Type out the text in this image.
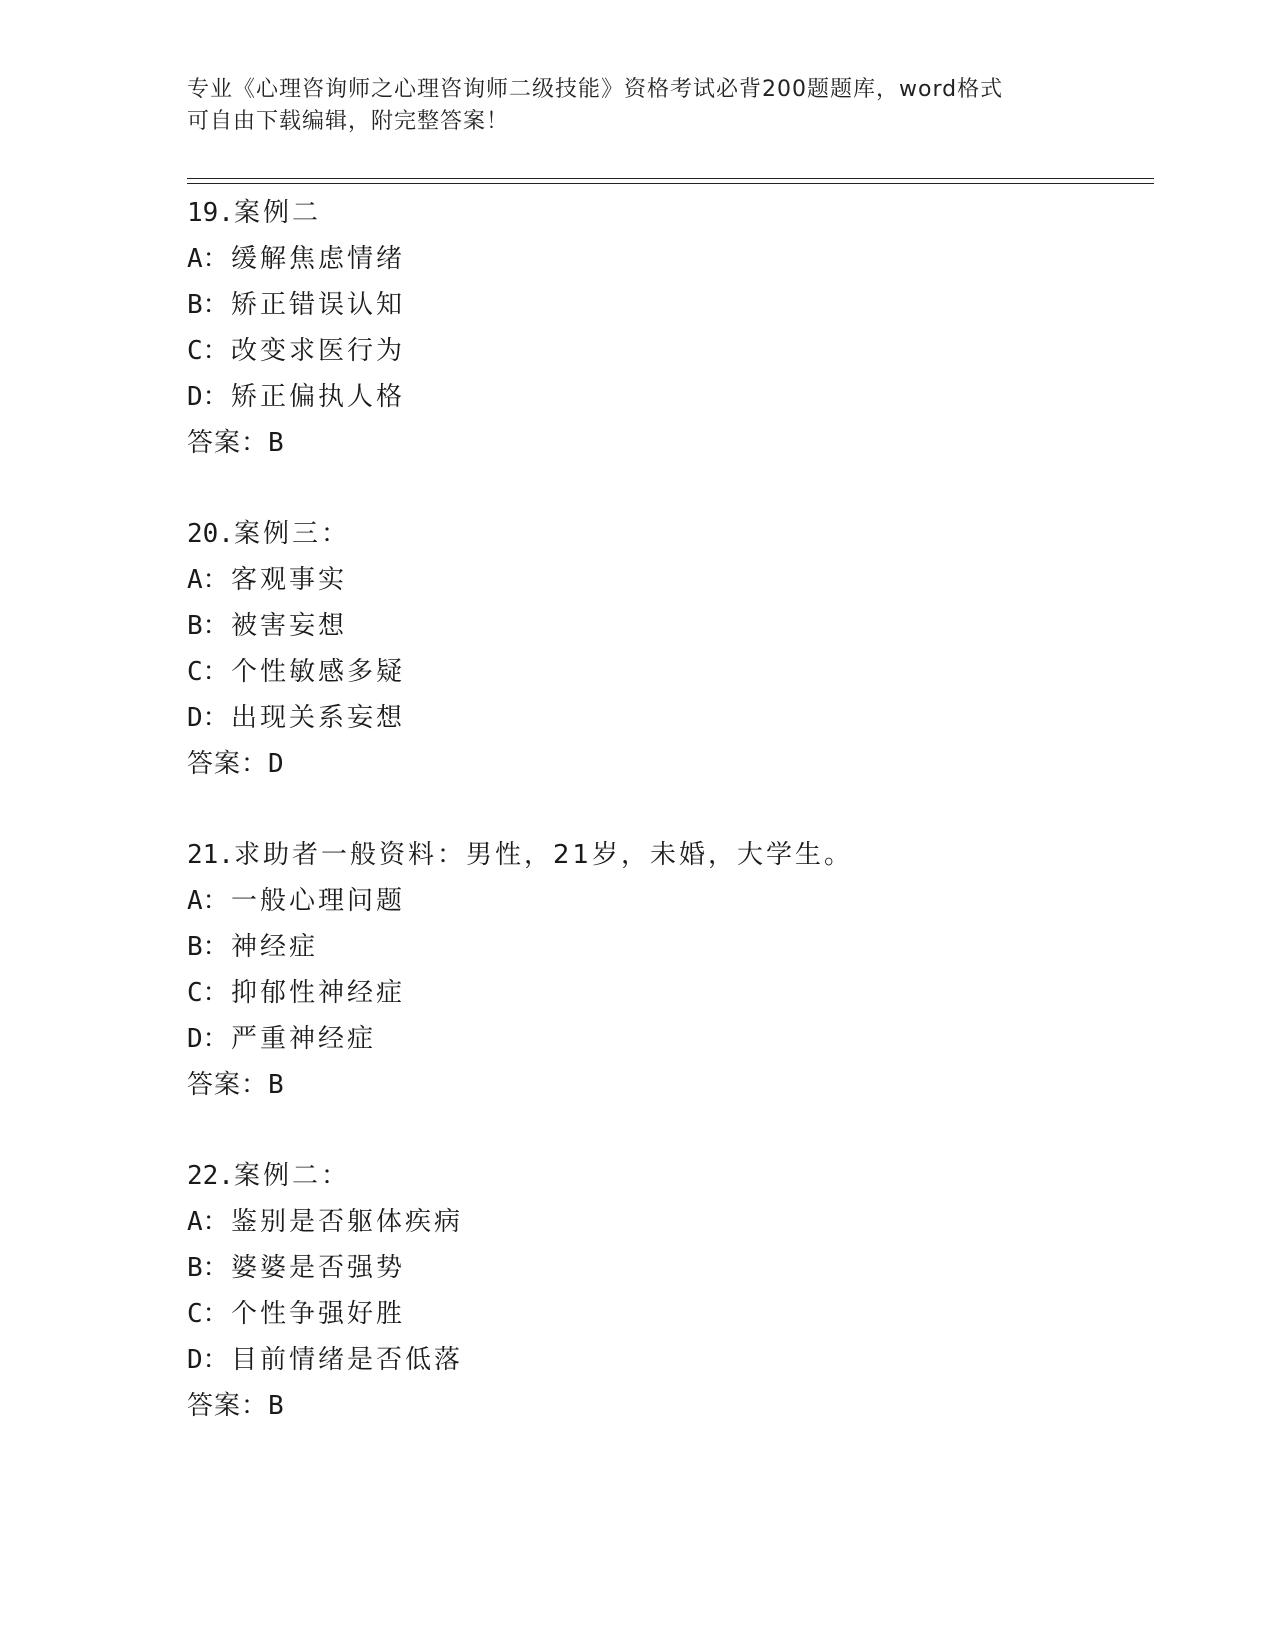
专业《心理咨询师之心理咨询师二级技能》资格考试必背200题题库，word格式
可自由下载编辑，附完整答案！
19.案例二
A：缓解焦虑情绪
B：矫正错误认知
C：改变求医行为
D：矫正偏执人格
答案：B
20.案例三：
A：客观事实
B：被害妄想
C：个性敏感多疑
D：出现关系妄想
答案：D
21.求助者一般资料：男性，21岁，未婚，大学生。
A：一般心理问题
B：神经症
C：抑郁性神经症
D：严重神经症
答案：B
22.案例二：
A：鉴别是否躯体疾病
B：婆婆是否强势
C：个性争强好胜
D：目前情绪是否低落
答案：B
